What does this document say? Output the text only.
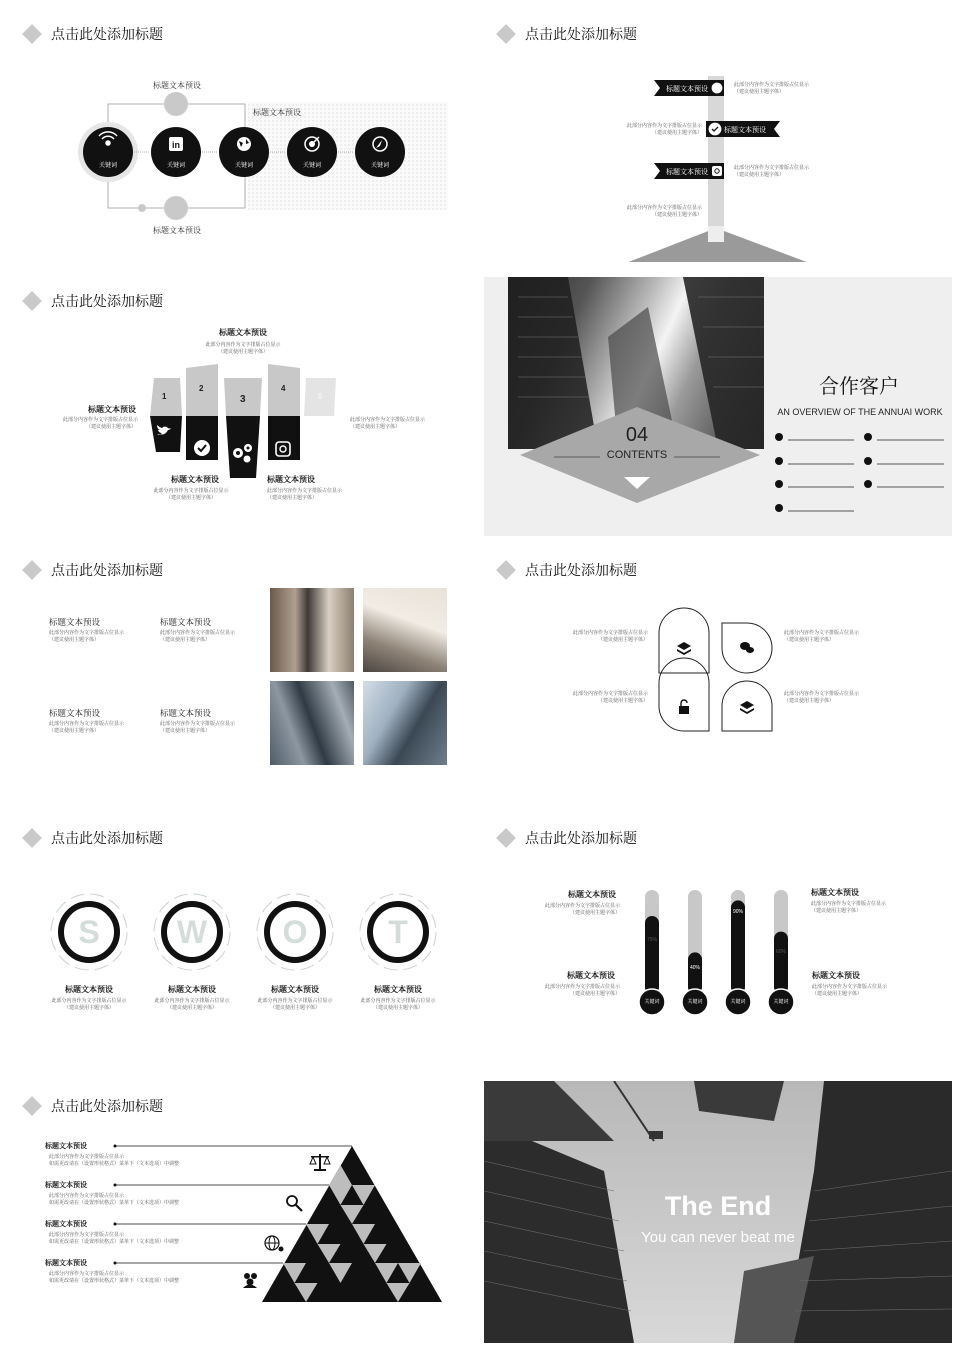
点击此处添加标题
in
标题文本预设
标题文本预设
标题文本预设
关键词	关键词	关键词	关键词	关键词
点击此处添加标题
标题文本预设
标题文本预设
标题文本预设
此部分内容作为文字排版占位显示
（建议使用主题字体）
此部分内容作为文字排版占位显示
（建议使用主题字体）
此部分内容作为文字排版占位显示
（建议使用主题字体）
此部分内容作为文字排版占位显示
（建议使用主题字体）
点击此处添加标题
1
2
3
4
5
标题文本预设
此部分内容作为文字排版占位显示
（建议使用主题字体）
标题文本预设
此部分内容作为文字排版占位显示
（建议使用主题字体）
此部分内容作为文字排版占位显示
（建议使用主题字体）
标题文本预设
此部分内容作为文字排版占位显示
（建议使用主题字体）
标题文本预设
此部分内容作为文字排版占位显示
（建议使用主题字体）
04
CONTENTS
合作客户
AN OVERVIEW OF THE ANNUAI WORK
点击此处添加标题
标题文本预设
此部分内容作为文字排版占位显示
（建议使用主题字体）
标题文本预设
此部分内容作为文字排版占位显示
（建议使用主题字体）
标题文本预设
此部分内容作为文字排版占位显示
（建议使用主题字体）
标题文本预设
此部分内容作为文字排版占位显示
（建议使用主题字体）
点击此处添加标题
此部分内容作为文字排版占位显示
（建议使用主题字体）
此部分内容作为文字排版占位显示
（建议使用主题字体）
此部分内容作为文字排版占位显示
（建议使用主题字体）
此部分内容作为文字排版占位显示
（建议使用主题字体）
点击此处添加标题
S W O	T
标题文本预设
此部分内容作为文字排版占位显示
（建议使用主题字体）
标题文本预设
此部分内容作为文字排版占位显示
（建议使用主题字体）
标题文本预设
此部分内容作为文字排版占位显示
（建议使用主题字体）
标题文本预设
此部分内容作为文字排版占位显示
（建议使用主题字体）
点击此处添加标题
75%
40%
90%
60%
关键词	关键词	关键词	关键词
标题文本预设
此部分内容作为文字排版占位显示
（建议使用主题字体）
标题文本预设
此部分内容作为文字排版占位显示
（建议使用主题字体）
标题文本预设
此部分内容作为文字排版占位显示
（建议使用主题字体）
标题文本预设
此部分内容作为文字排版占位显示
（建议使用主题字体）
点击此处添加标题
标题文本预设
此部分内容作为文字排版占位显示
如需更改请在（设置形状格式）菜单下（文本选项）中调整
标题文本预设
此部分内容作为文字排版占位显示
如需更改请在（设置形状格式）菜单下（文本选项）中调整
标题文本预设
此部分内容作为文字排版占位显示
如需更改请在（设置形状格式）菜单下（文本选项）中调整
标题文本预设
此部分内容作为文字排版占位显示
如需更改请在（设置形状格式）菜单下（文本选项）中调整
The End
You can never beat me
